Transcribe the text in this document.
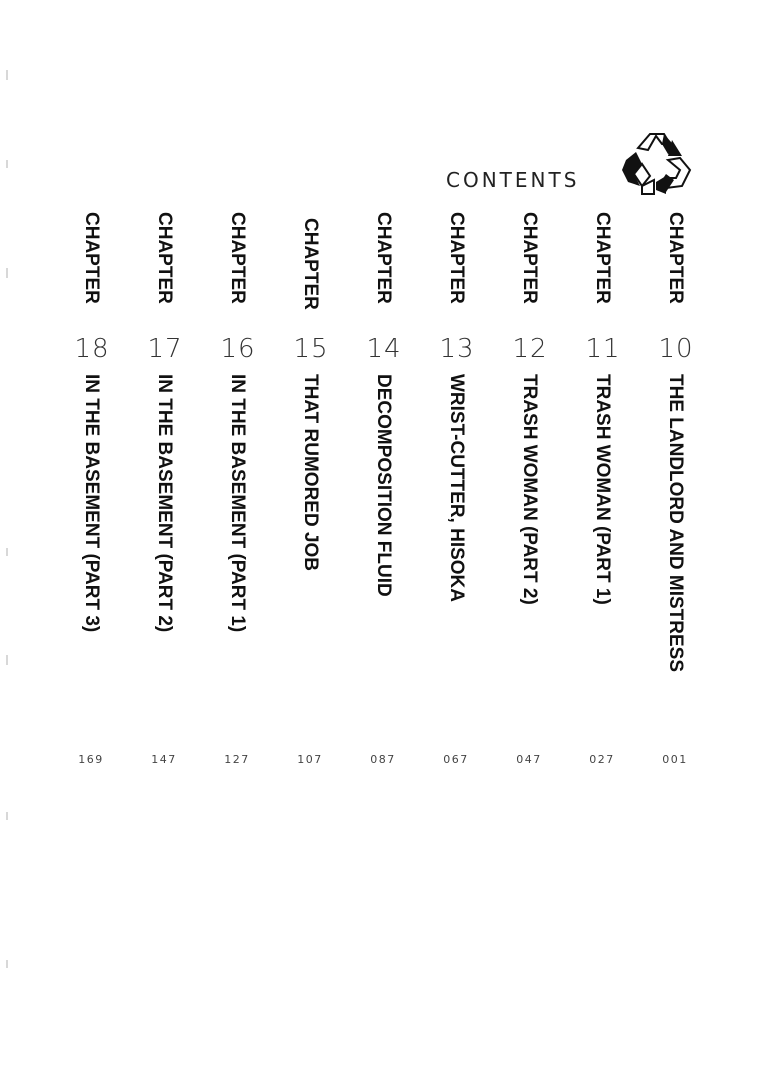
CONTENTS
CHAPTER
10
THE LANDLORD AND MISTRESS
001
CHAPTER
11
TRASH WOMAN (PART 1)
027
CHAPTER
12
TRASH WOMAN (PART 2)
047
CHAPTER
13
WRIST-CUTTER, HISOKA
067
CHAPTER
14
DECOMPOSITION FLUID
087
CHAPTER
15
THAT RUMORED JOB
107
CHAPTER
16
IN THE BASEMENT (PART 1)
127
CHAPTER
17
IN THE BASEMENT (PART 2)
147
CHAPTER
18
IN THE BASEMENT (PART 3)
169
